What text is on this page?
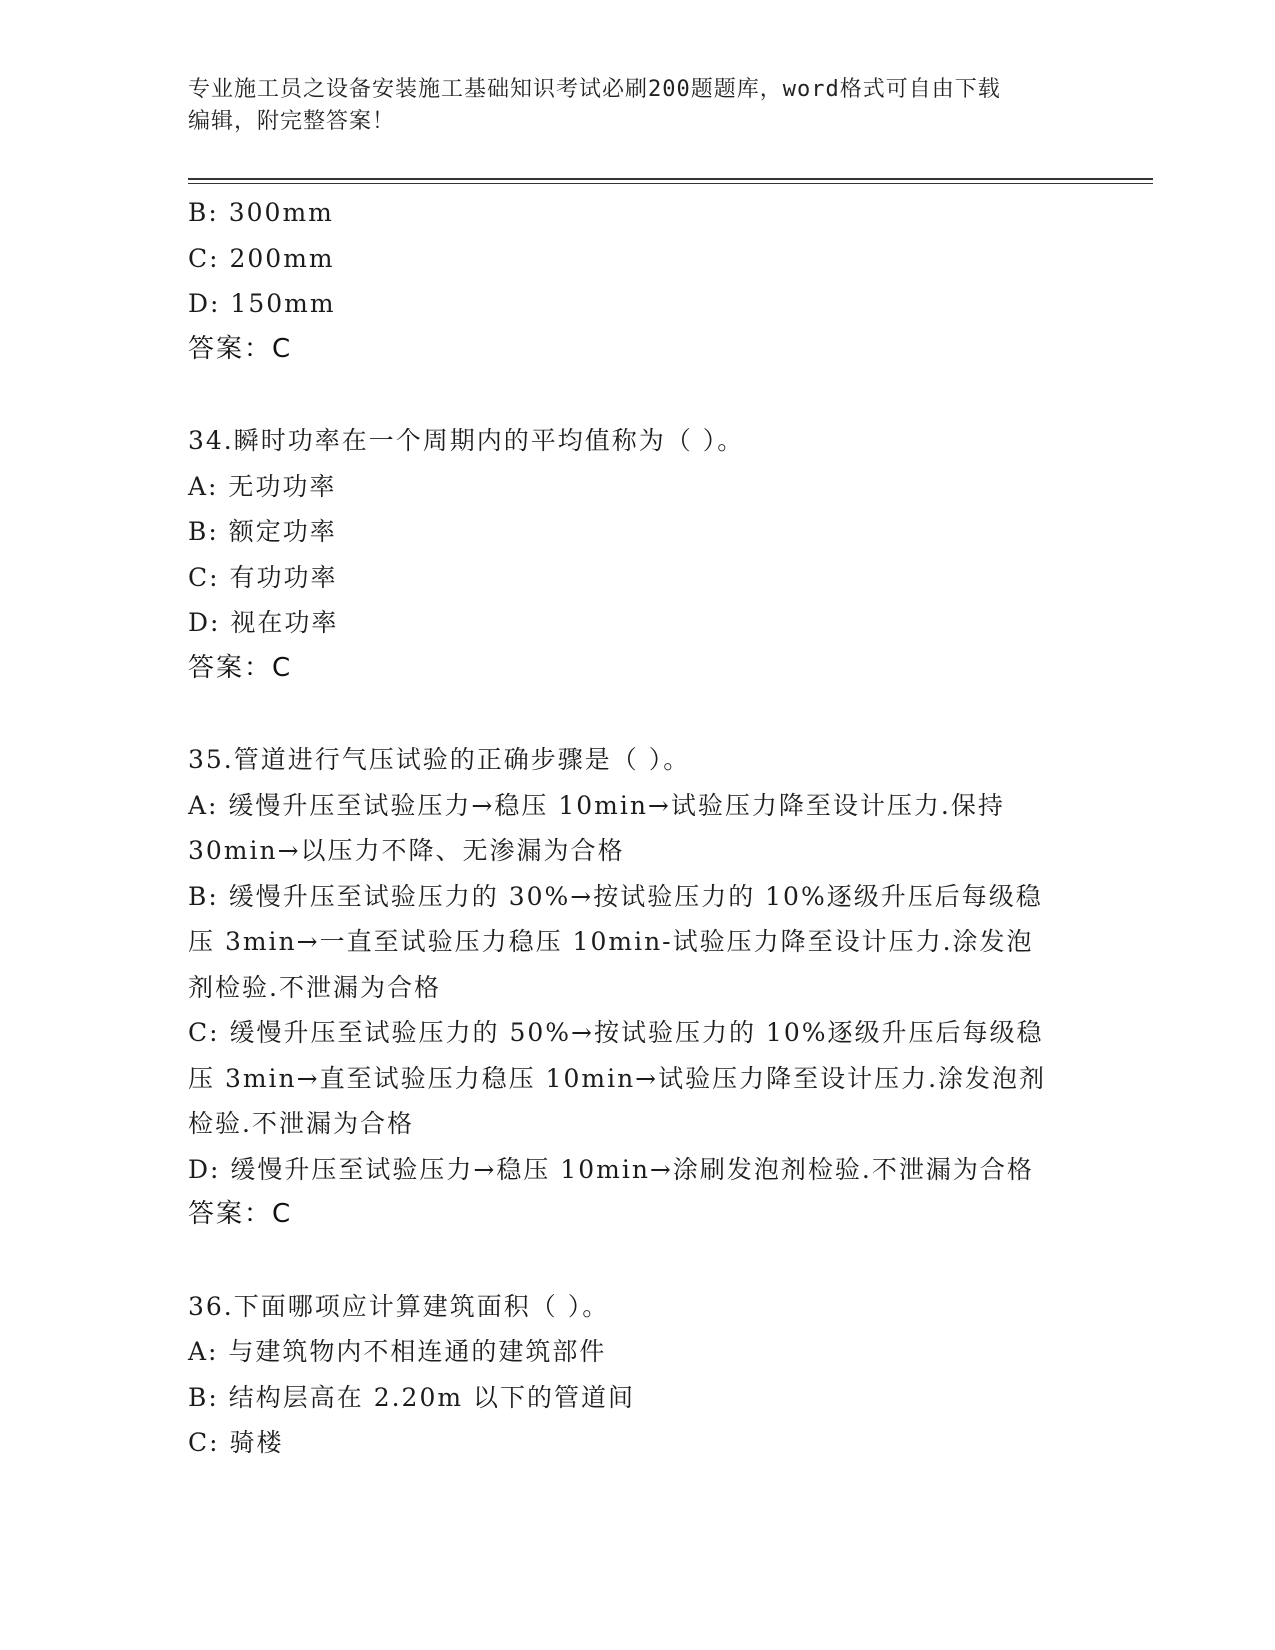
专业施工员之设备安装施工基础知识考试必刷200题题库，word格式可自由下载
编辑，附完整答案！
B: 300mm
C: 200mm
D: 150mm
答案：C
34.瞬时功率在一个周期内的平均值称为（ ）。
A: 无功功率
B: 额定功率
C: 有功功率
D: 视在功率
答案：C
35.管道进行气压试验的正确步骤是（ ）。
A: 缓慢升压至试验压力→稳压 10min→试验压力降至设计压力.保持
30min→以压力不降、无渗漏为合格
B: 缓慢升压至试验压力的 30%→按试验压力的 10%逐级升压后每级稳
压 3min→一直至试验压力稳压 10min-试验压力降至设计压力.涂发泡
剂检验.不泄漏为合格
C: 缓慢升压至试验压力的 50%→按试验压力的 10%逐级升压后每级稳
压 3min→直至试验压力稳压 10min→试验压力降至设计压力.涂发泡剂
检验.不泄漏为合格
D: 缓慢升压至试验压力→稳压 10min→涂刷发泡剂检验.不泄漏为合格
答案：C
36.下面哪项应计算建筑面积（ ）。
A: 与建筑物内不相连通的建筑部件
B: 结构层高在 2.20m 以下的管道间
C: 骑楼
